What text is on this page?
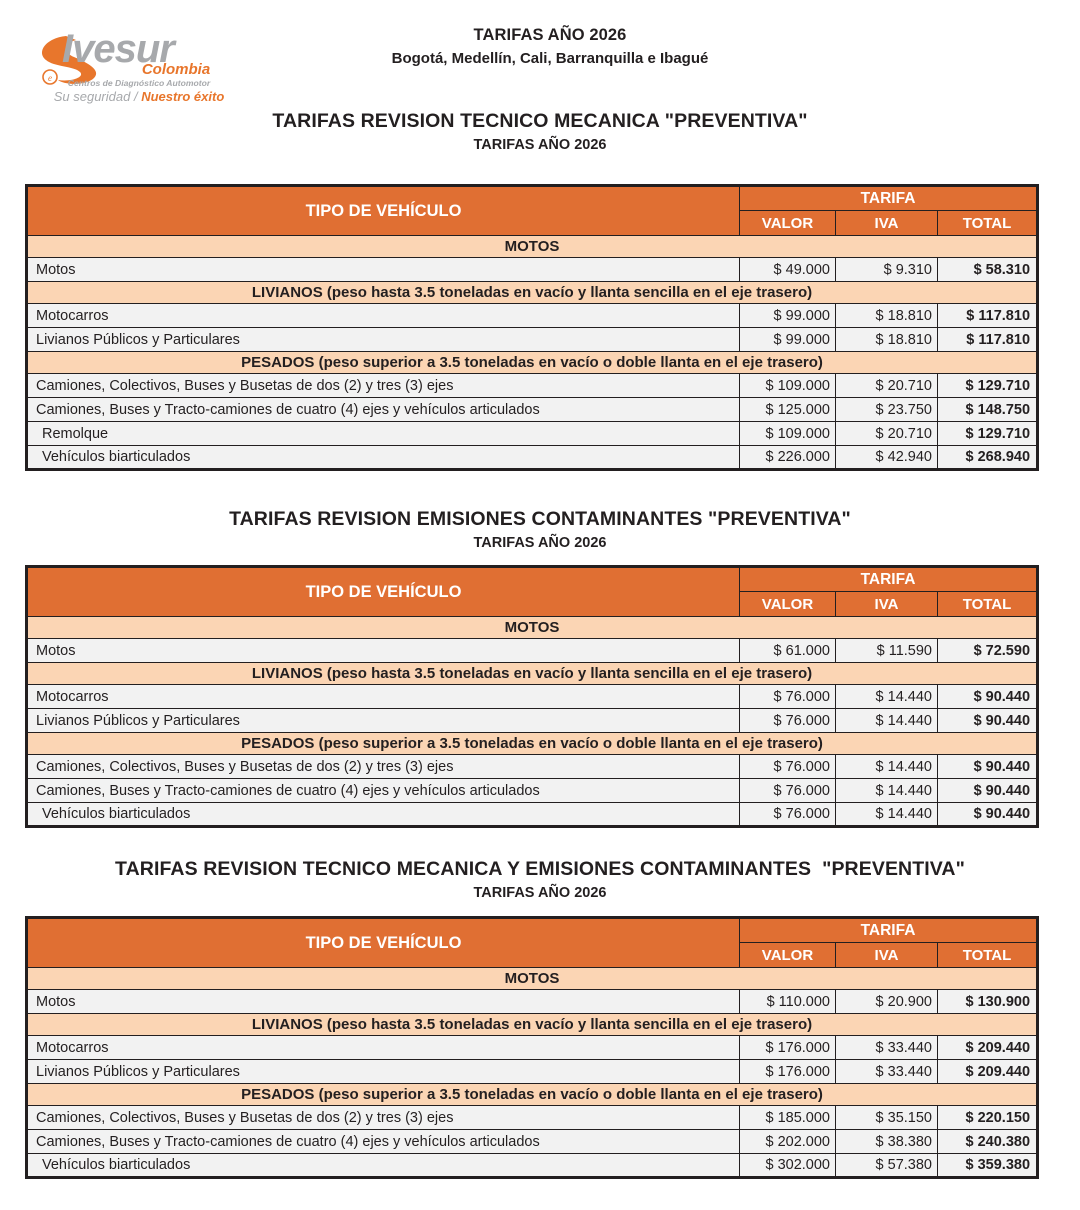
e
Ivesur
Colombia
Centros de Diagnóstico Automotor
Su seguridad / Nuestro éxito
TARIFAS AÑO 2026
Bogotá, Medellín, Cali, Barranquilla e Ibagué
TARIFAS REVISION TECNICO MECANICA "PREVENTIVA"
TARIFAS AÑO 2026
TARIFAS REVISION EMISIONES CONTAMINANTES "PREVENTIVA"
TARIFAS AÑO 2026
TARIFAS REVISION TECNICO MECANICA Y EMISIONES CONTAMINANTES  "PREVENTIVA"
TARIFAS AÑO 2026
TIPO DE VEHÍCULO	TARIFA		
	VALOR	IVA	TOTAL
MOTOS			
Motos	$ 49.000	$ 9.310	$ 58.310
LIVIANOS (peso hasta 3.5 toneladas en vacío y llanta sencilla en el eje trasero)			
Motocarros	$ 99.000	$ 18.810	$ 117.810
Livianos Públicos y Particulares	$ 99.000	$ 18.810	$ 117.810
PESADOS (peso superior a 3.5 toneladas en vacío o doble llanta en el eje trasero)			
Camiones, Colectivos, Buses y Busetas de dos (2) y tres (3) ejes	$ 109.000	$ 20.710	$ 129.710
Camiones, Buses y Tracto-camiones de cuatro (4) ejes y vehículos articulados	$ 125.000	$ 23.750	$ 148.750
Remolque	$ 109.000	$ 20.710	$ 129.710
Vehículos biarticulados	$ 226.000	$ 42.940	$ 268.940
TIPO DE VEHÍCULO	TARIFA		
	VALOR	IVA	TOTAL
MOTOS			
Motos	$ 61.000	$ 11.590	$ 72.590
LIVIANOS (peso hasta 3.5 toneladas en vacío y llanta sencilla en el eje trasero)			
Motocarros	$ 76.000	$ 14.440	$ 90.440
Livianos Públicos y Particulares	$ 76.000	$ 14.440	$ 90.440
PESADOS (peso superior a 3.5 toneladas en vacío o doble llanta en el eje trasero)			
Camiones, Colectivos, Buses y Busetas de dos (2) y tres (3) ejes	$ 76.000	$ 14.440	$ 90.440
Camiones, Buses y Tracto-camiones de cuatro (4) ejes y vehículos articulados	$ 76.000	$ 14.440	$ 90.440
Vehículos biarticulados	$ 76.000	$ 14.440	$ 90.440
TIPO DE VEHÍCULO	TARIFA		
	VALOR	IVA	TOTAL
MOTOS			
Motos	$ 110.000	$ 20.900	$ 130.900
LIVIANOS (peso hasta 3.5 toneladas en vacío y llanta sencilla en el eje trasero)			
Motocarros	$ 176.000	$ 33.440	$ 209.440
Livianos Públicos y Particulares	$ 176.000	$ 33.440	$ 209.440
PESADOS (peso superior a 3.5 toneladas en vacío o doble llanta en el eje trasero)			
Camiones, Colectivos, Buses y Busetas de dos (2) y tres (3) ejes	$ 185.000	$ 35.150	$ 220.150
Camiones, Buses y Tracto-camiones de cuatro (4) ejes y vehículos articulados	$ 202.000	$ 38.380	$ 240.380
Vehículos biarticulados	$ 302.000	$ 57.380	$ 359.380
